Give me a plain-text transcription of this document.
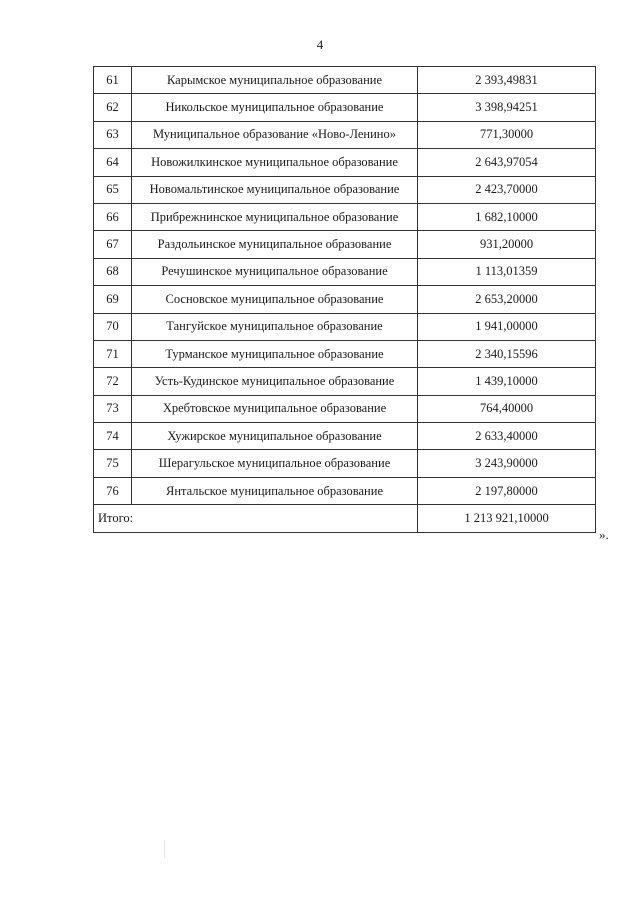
4
61	Карымское муниципальное образование	2 393,49831
62	Никольское муниципальное образование	3 398,94251
63	Муниципальное образование «Ново-Ленино»	771,30000
64	Новожилкинское муниципальное образование	2 643,97054
65	Новомальтинское муниципальное образование	2 423,70000
66	Прибрежнинское муниципальное образование	1 682,10000
67	Раздольинское муниципальное образование	931,20000
68	Речушинское муниципальное образование	1 113,01359
69	Сосновское муниципальное образование	2 653,20000
70	Тангуйское муниципальное образование	1 941,00000
71	Турманское муниципальное образование	2 340,15596
72	Усть-Кудинское муниципальное образование	1 439,10000
73	Хребтовское муниципальное образование	764,40000
74	Хужирское муниципальное образование	2 633,40000
75	Шерагульское муниципальное образование	3 243,90000
76	Янтальское муниципальное образование	2 197,80000
Итого:		1 213 921,10000
».
